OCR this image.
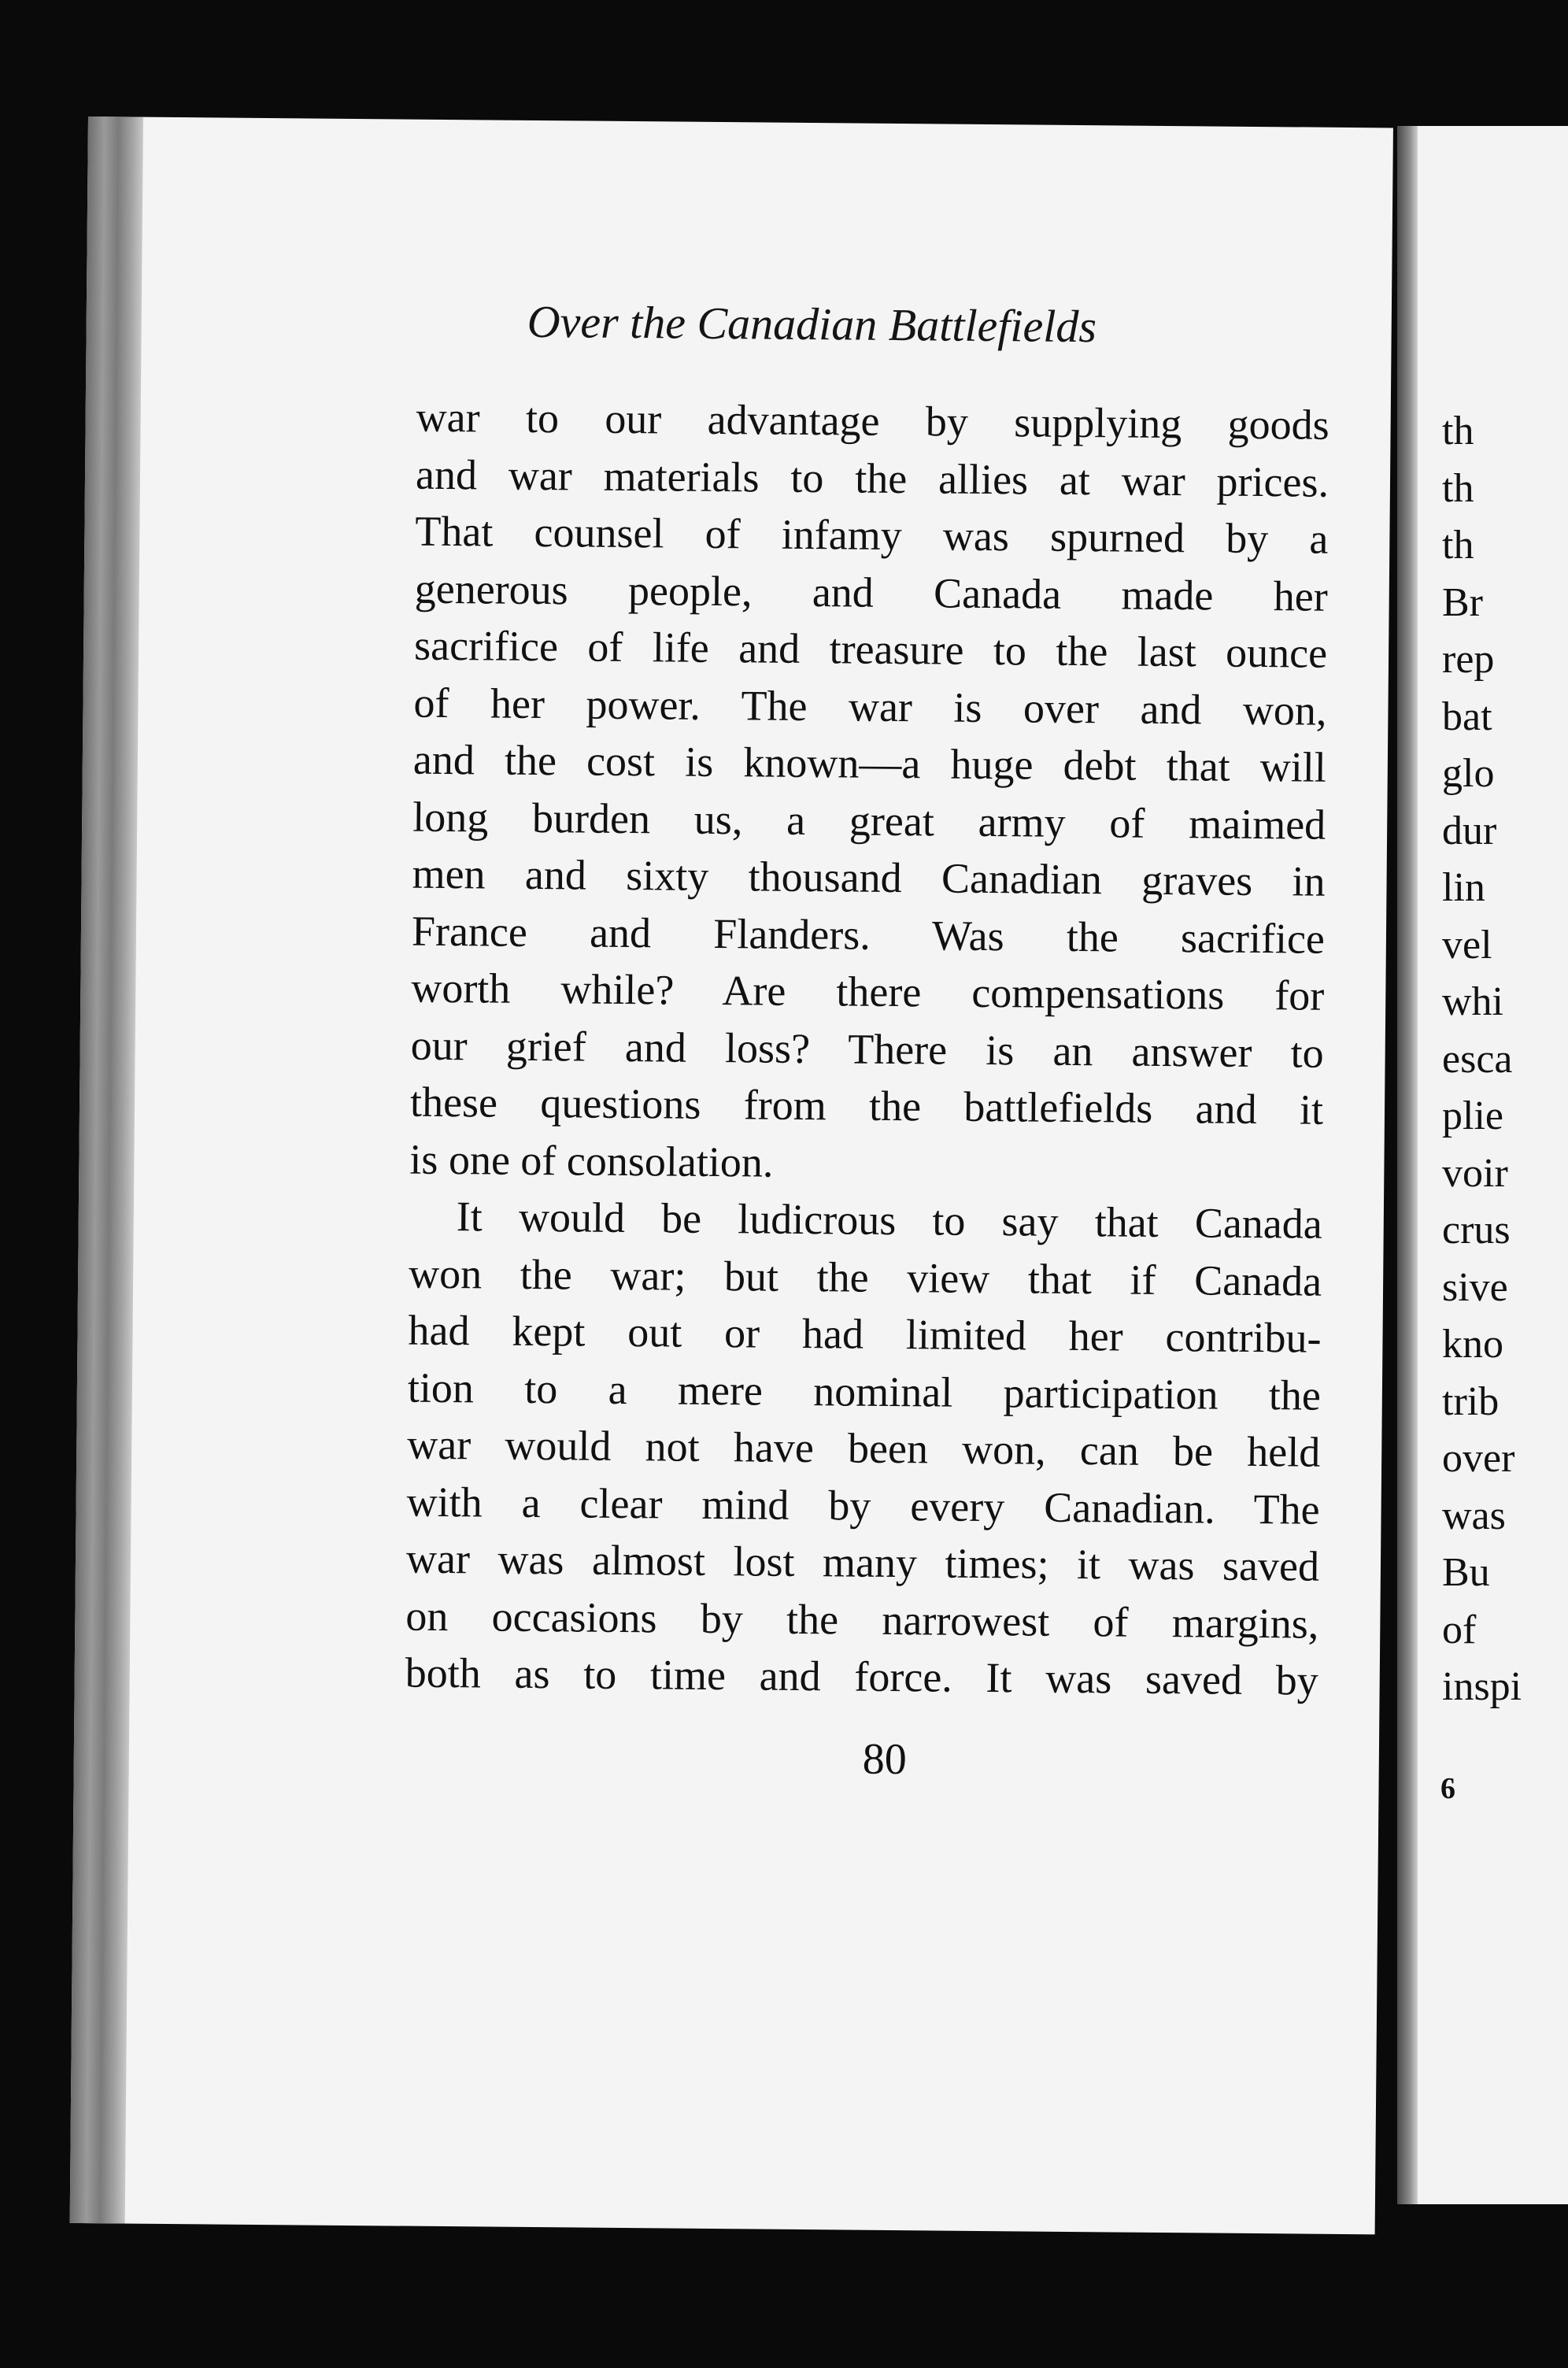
Over the Canadian Battlefields

war to our advantage by supplying goods
and war materials to the allies at war prices.
That counsel of infamy was spurned by a
generous people, and Canada made her
sacrifice of life and treasure to the last ounce
of her power. The war is over and won,
and the cost is known—a huge debt that will
long burden us, a great army of maimed
men and sixty thousand Canadian graves in
France and Flanders. Was the sacrifice
worth while? Are there compensations for
our grief and loss? There is an answer to
these questions from the battlefields and it
is one of consolation.

It would be ludicrous to say that Canada
won the war; but the view that if Canada
had kept out or had limited her contribu-
tion to a mere nominal participation the
war would not have been won, can be held
with a clear mind by every Canadian. The
war was almost lost many times; it was saved
on occasions by the narrowest of margins,
both as to time and force. It was saved by

80
th
th
th
Br
rep
bat
glo
dur
lin
vel
whi
esca
plie
voir
crus
sive
kno
trib
over
was
Bu
of
inspi
6
